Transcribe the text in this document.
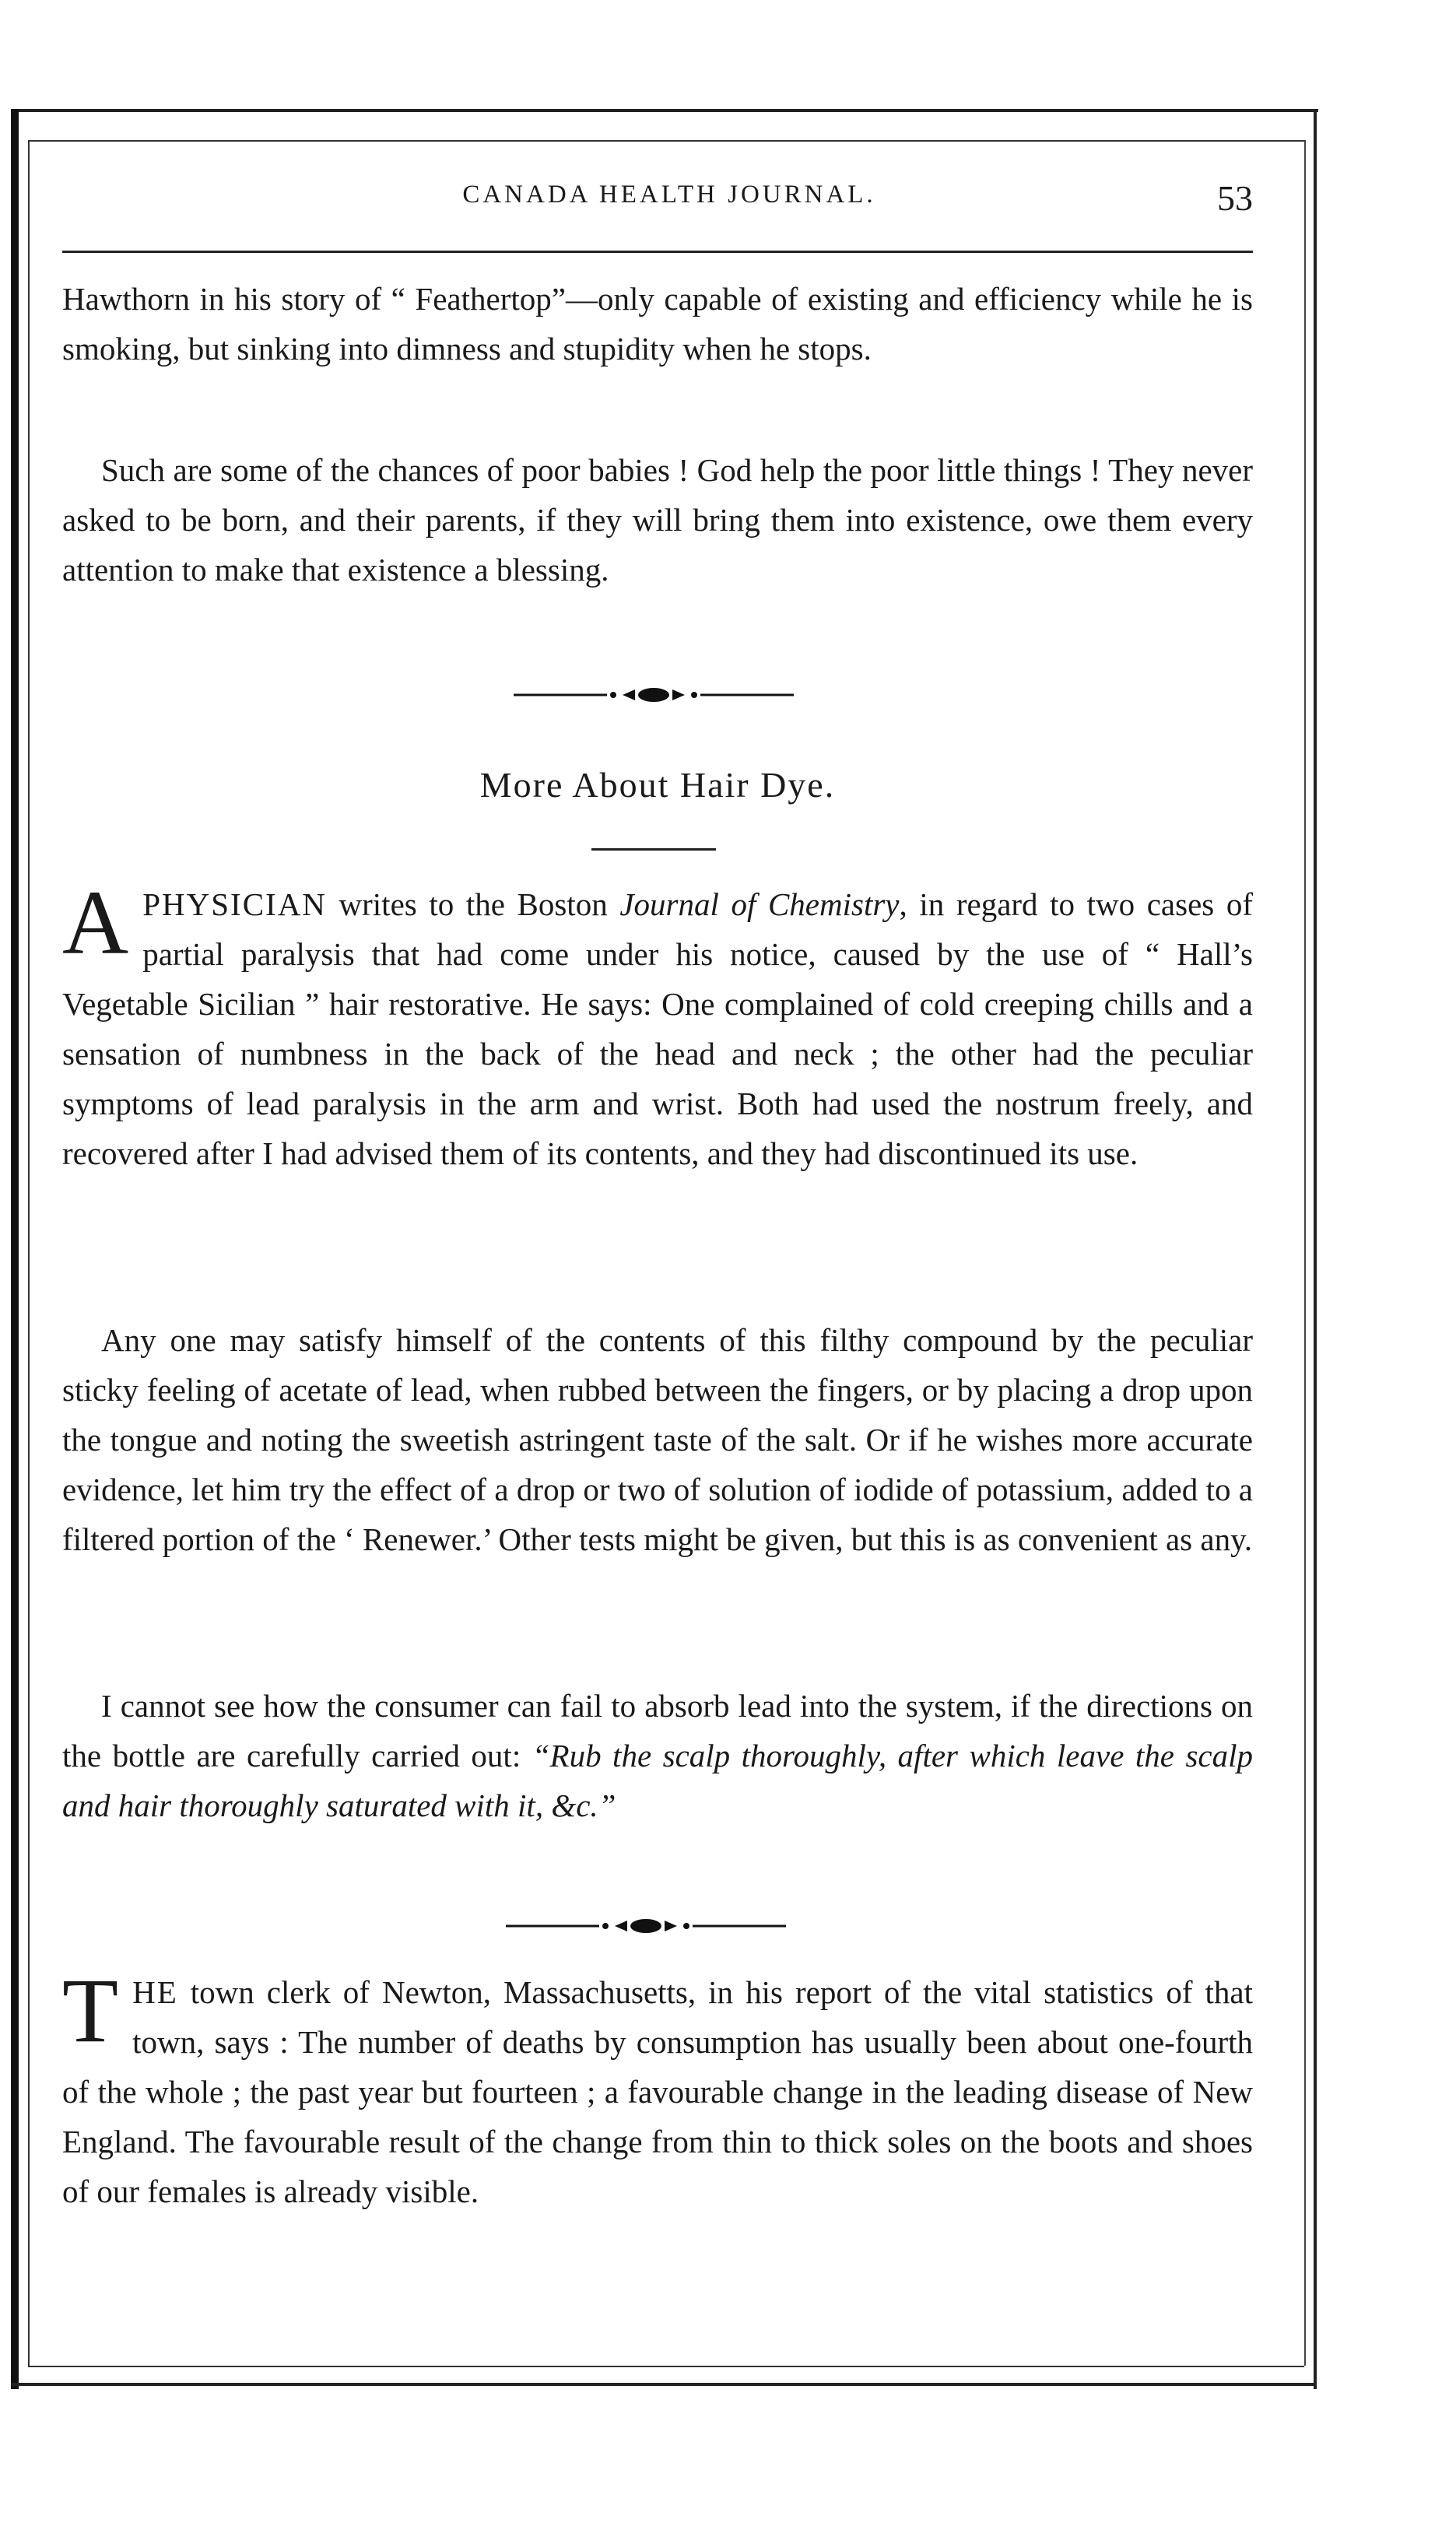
CANADA HEALTH JOURNAL.	53

Hawthorn in his story of “ Feathertop”—only capable of existing and efficiency while he is smoking, but sinking into dimness and stupidity when he stops.

Such are some of the chances of poor babies ! God help the poor little things ! They never asked to be born, and their parents, if they will bring them into existence, owe them every attention to make that existence a blessing.

More About Hair Dye.
APHYSICIAN writes to the Boston Journal of Chemistry, in regard to two cases of partial paralysis that had come under his notice, caused by the use of “ Hall’s Vegetable Sicilian ” hair restorative. He says: One complained of cold creeping chills and a sensation of numbness in the back of the head and neck ; the other had the peculiar symptoms of lead paralysis in the arm and wrist. Both had used the nostrum freely, and recovered after I had advised them of its contents, and they had discontinued its use.

Any one may satisfy himself of the contents of this filthy compound by the peculiar sticky feeling of acetate of lead, when rubbed between the fingers, or by placing a drop upon the tongue and noting the sweetish astringent taste of the salt. Or if he wishes more accurate evidence, let him try the effect of a drop or two of solution of iodide of potassium, added to a filtered portion of the ‘ Renewer.’ Other tests might be given, but this is as convenient as any.

I cannot see how the consumer can fail to absorb lead into the system, if the directions on the bottle are carefully carried out: “Rub the scalp thoroughly, after which leave the scalp and hair thoroughly saturated with it, &c.”
THE town clerk of Newton, Massachusetts, in his report of the vital statistics of that town, says : The number of deaths by consumption has usually been about one-fourth of the whole ; the past year but fourteen ; a favourable change in the leading disease of New England. The favourable result of the change from thin to thick soles on the boots and shoes of our females is already visible.
